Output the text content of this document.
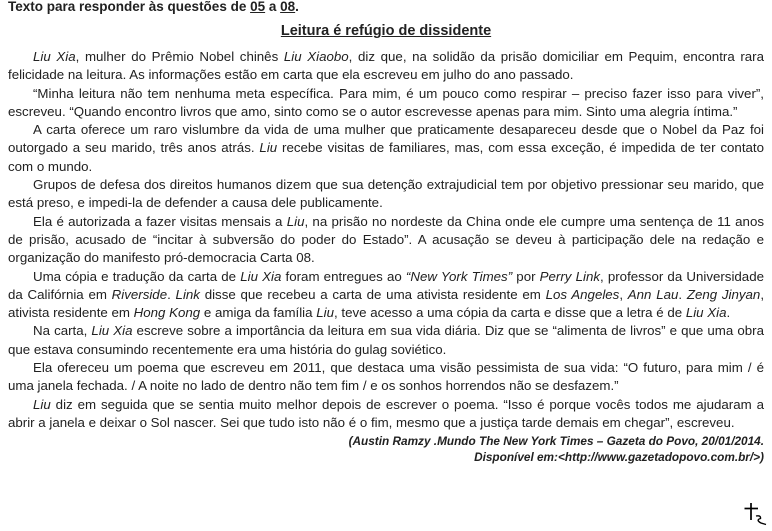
Texto para responder às questões de 05 a 08.

Leitura é refúgio de dissidente

Liu Xia, mulher do Prêmio Nobel chinês Liu Xiaobo, diz que, na solidão da prisão domiciliar em Pequim, encontra rara felicidade na leitura. As informações estão em carta que ela escreveu em julho do ano passado.

“Minha leitura não tem nenhuma meta específica. Para mim, é um pouco como respirar – preciso fazer isso para viver”, escreveu. “Quando encontro livros que amo, sinto como se o autor escrevesse apenas para mim. Sinto uma alegria íntima.”

A carta oferece um raro vislumbre da vida de uma mulher que praticamente desapareceu desde que o Nobel da Paz foi outorgado a seu marido, três anos atrás. Liu recebe visitas de familiares, mas, com essa exceção, é impedida de ter contato com o mundo.

Grupos de defesa dos direitos humanos dizem que sua detenção extrajudicial tem por objetivo pressionar seu marido, que está preso, e impedi-la de defender a causa dele publicamente.

Ela é autorizada a fazer visitas mensais a Liu, na prisão no nordeste da China onde ele cumpre uma sentença de 11 anos de prisão, acusado de “incitar à subversão do poder do Estado”. A acusação se deveu à participação dele na redação e organização do manifesto pró-democracia Carta 08.

Uma cópia e tradução da carta de Liu Xia foram entregues ao “New York Times” por Perry Link, professor da Universidade da Califórnia em Riverside. Link disse que recebeu a carta de uma ativista residente em Los Angeles, Ann Lau. Zeng Jinyan, ativista residente em Hong Kong e amiga da família Liu, teve acesso a uma cópia da carta e disse que a letra é de Liu Xia.

Na carta, Liu Xia escreve sobre a importância da leitura em sua vida diária. Diz que se “alimenta de livros” e que uma obra que estava consumindo recentemente era uma história do gulag soviético.

Ela ofereceu um poema que escreveu em 2011, que destaca uma visão pessimista de sua vida: “O futuro, para mim / é uma janela fechada. / A noite no lado de dentro não tem fim / e os sonhos horrendos não se desfazem.”

Liu diz em seguida que se sentia muito melhor depois de escrever o poema. “Isso é porque vocês todos me ajudaram a abrir a janela e deixar o Sol nascer. Sei que tudo isto não é o fim, mesmo que a justiça tarde demais em chegar”, escreveu.

(Austin Ramzy .Mundo The New York Times – Gazeta do Povo, 20/01/2014.

Disponível em:<http://www.gazetadopovo.com.br/>)
